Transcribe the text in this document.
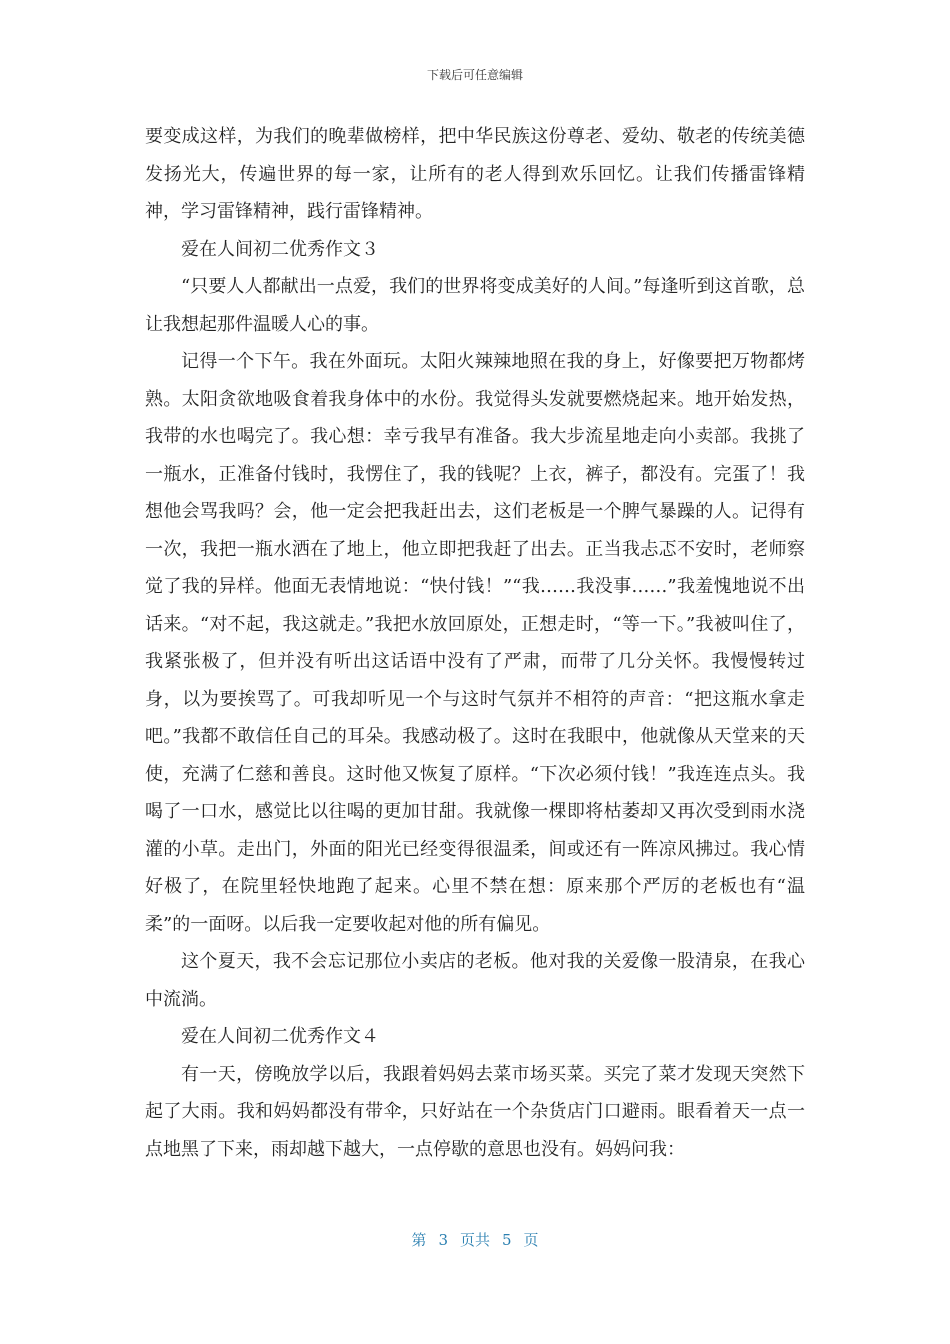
下载后可任意编辑

要变成这样，为我们的晚辈做榜样，把中华民族这份尊老、爱幼、敬老的传统美德发扬光大，传遍世界的每一家，让所有的老人得到欢乐回忆。让我们传播雷锋精神，学习雷锋精神，践行雷锋精神。

爱在人间初二优秀作文３

“只要人人都献出一点爱，我们的世界将变成美好的人间。”每逢听到这首歌，总让我想起那件温暖人心的事。

记得一个下午。我在外面玩。太阳火辣辣地照在我的身上，好像要把万物都烤熟。太阳贪欲地吸食着我身体中的水份。我觉得头发就要燃烧起来。地开始发热，我带的水也喝完了。我心想：幸亏我早有准备。我大步流星地走向小卖部。我挑了一瓶水，正准备付钱时，我愣住了，我的钱呢？上衣，裤子，都没有。完蛋了！我想他会骂我吗？会，他一定会把我赶出去，这们老板是一个脾气暴躁的人。记得有一次，我把一瓶水洒在了地上，他立即把我赶了出去。正当我忐忑不安时，老师察觉了我的异样。他面无表情地说：“快付钱！”“我……我没事……”我羞愧地说不出话来。“对不起，我这就走。”我把水放回原处，正想走时，“等一下。”我被叫住了，我紧张极了，但并没有听出这话语中没有了严肃，而带了几分关怀。我慢慢转过身，以为要挨骂了。可我却听见一个与这时气氛并不相符的声音：“把这瓶水拿走吧。”我都不敢信任自己的耳朵。我感动极了。这时在我眼中，他就像从天堂来的天使，充满了仁慈和善良。这时他又恢复了原样。“下次必须付钱！”我连连点头。我喝了一口水，感觉比以往喝的更加甘甜。我就像一棵即将枯萎却又再次受到雨水浇灌的小草。走出门，外面的阳光已经变得很温柔，间或还有一阵凉风拂过。我心情好极了，在院里轻快地跑了起来。心里不禁在想：原来那个严厉的老板也有“温柔”的一面呀。以后我一定要收起对他的所有偏见。

这个夏天，我不会忘记那位小卖店的老板。他对我的关爱像一股清泉，在我心中流淌。

爱在人间初二优秀作文４

有一天，傍晚放学以后，我跟着妈妈去菜市场买菜。买完了菜才发现天突然下起了大雨。我和妈妈都没有带伞，只好站在一个杂货店门口避雨。眼看着天一点一点地黑了下来，雨却越下越大，一点停歇的意思也没有。妈妈问我：

第 3 页共 5 页
